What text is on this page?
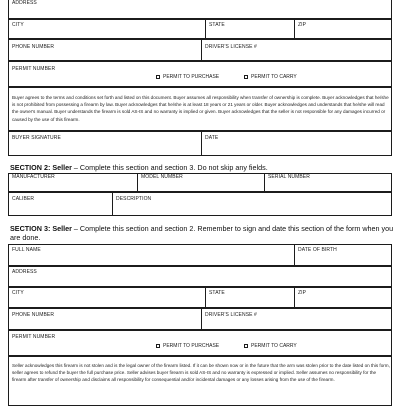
ADDRESS
CITY	STATE	ZIP
PHONE NUMBER	DRIVER'S LICENSE #
PERMIT NUMBER
PERMIT TO PURCHASE	PERMIT TO CARRY
Buyer agrees to the terms and conditions set forth and listed on this document. Buyer assumes all responsibility when transfer of ownership is complete. Buyer acknowledges that he/she is not prohibited from possessing a firearm by law. Buyer acknowledges that he/she is at least 18 years or 21 years or older. Buyer acknowledges and understands that he/she will read the owner's manual. Buyer understands the firearm is sold AS-IS and no warranty is implied or given. Buyer acknowledges that the seller is not responsible for any damages incurred or caused by the use of this firearm.
BUYER SIGNATURE	DATE
SECTION 2: Seller – Complete this section and section 3. Do not skip any fields.
MANUFACTURER	MODEL NUMBER	SERIAL NUMBER
CALIBER	DESCRIPTION
SECTION 3: Seller – Complete this section and section 2. Remember to sign and date this section of the form when you are done.
FULL NAME	DATE OF BIRTH
ADDRESS
CITY	STATE	ZIP
PHONE NUMBER	DRIVER'S LICENSE #
PERMIT NUMBER
PERMIT TO PURCHASE	PERMIT TO CARRY
Seller acknowledges this firearm is not stolen and is the legal owner of the firearm listed. If it can be shown now or in the future that the arm was stolen prior to the date listed on this form, seller agrees to refund the buyer the full purchase price. Seller advises buyer firearm is sold AS-IS and no warranty is expressed or implied. Seller assumes no responsibility for the firearm after transfer of ownership and disclaims all responsibility for consequential and/or incidental damages or any losses arising from the use of the firearm.
